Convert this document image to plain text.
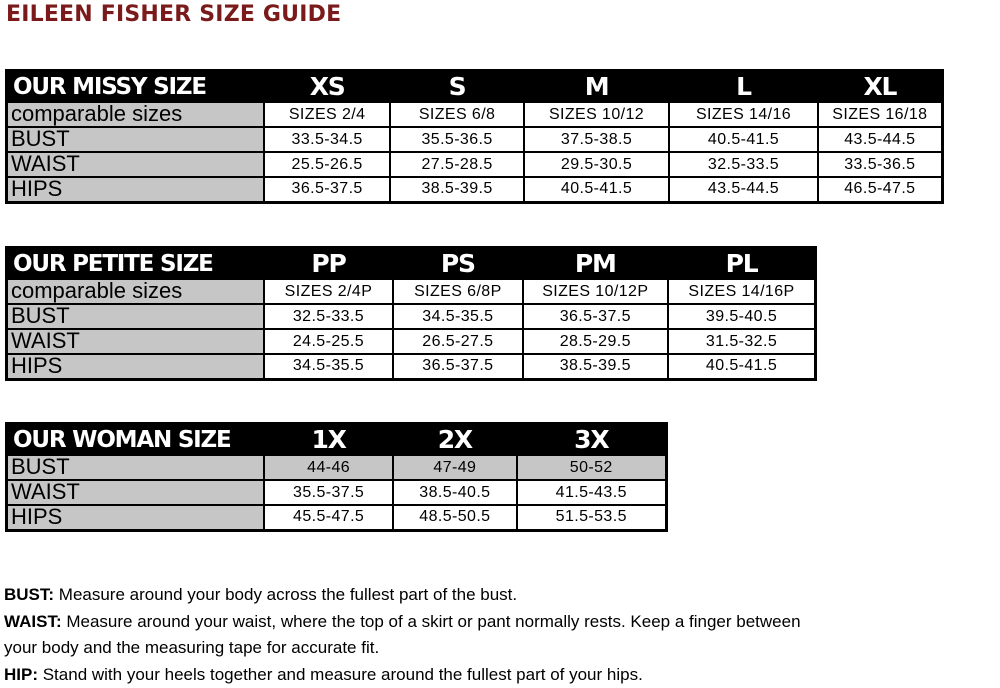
EILEEN FISHER SIZE GUIDE
OUR MISSY SIZE	XS	S	M	L	XL
comparable sizes	SIZES 2/4	SIZES 6/8	SIZES 10/12	SIZES 14/16	SIZES 16/18
BUST	33.5-34.5	35.5-36.5	37.5-38.5	40.5-41.5	43.5-44.5
WAIST	25.5-26.5	27.5-28.5	29.5-30.5	32.5-33.5	33.5-36.5
HIPS	36.5-37.5	38.5-39.5	40.5-41.5	43.5-44.5	46.5-47.5
OUR PETITE SIZE	PP	PS	PM	PL
comparable sizes	SIZES 2/4P	SIZES 6/8P	SIZES 10/12P	SIZES 14/16P
BUST	32.5-33.5	34.5-35.5	36.5-37.5	39.5-40.5
WAIST	24.5-25.5	26.5-27.5	28.5-29.5	31.5-32.5
HIPS	34.5-35.5	36.5-37.5	38.5-39.5	40.5-41.5
OUR WOMAN SIZE	1X	2X	3X
BUST	44-46	47-49	50-52
WAIST	35.5-37.5	38.5-40.5	41.5-43.5
HIPS	45.5-47.5	48.5-50.5	51.5-53.5
BUST: Measure around your body across the fullest part of the bust.
WAIST: Measure around your waist, where the top of a skirt or pant normally rests. Keep a finger between
your body and the measuring tape for accurate fit.
HIP: Stand with your heels together and measure around the fullest part of your hips.
